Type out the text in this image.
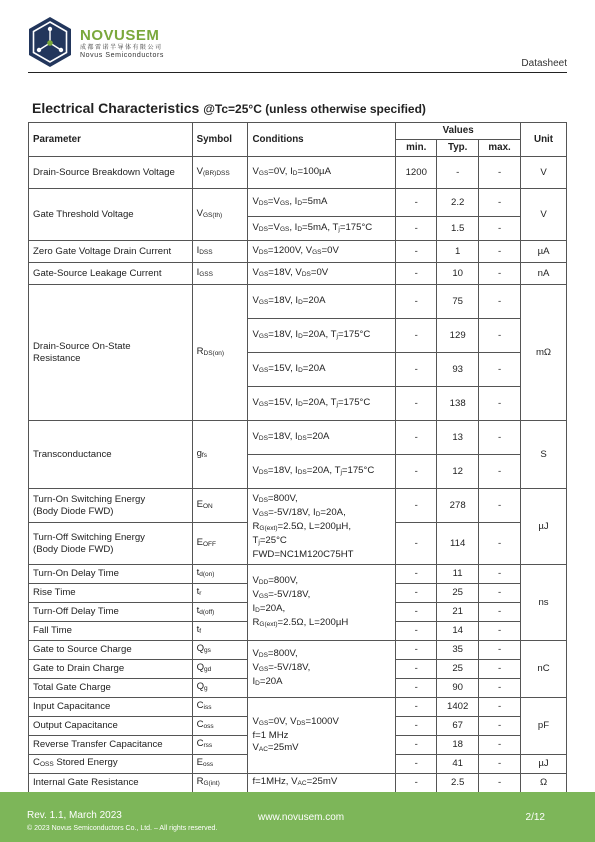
NOVUSEM
成都雷诺半导体有限公司
Novus Semiconductors
Datasheet
Electrical Characteristics @Tc=25°C (unless otherwise specified)
Parameter	Symbol	Conditions	Values			Unit
			min.	Typ.	max.	
Drain-Source Breakdown Voltage	$V_{(BR)DSS}$	$V_{GS}=0V$, $I_D=100\mu A$	1200	-	-	V
Gate Threshold Voltage	$V_{GS(th)}$	$V_{DS}=V_{GS}$, $I_D=5mA$	-	2.2	-	V
		$V_{DS}=V_{GS}$, $I_D=5mA$, $T_j=175^\circ C$	-	1.5	-	
Zero Gate Voltage Drain Current	$I_{DSS}$	$V_{DS}=1200V$, $V_{GS}=0V$	-	1	-	µA
Gate-Source Leakage Current	$I_{GSS}$	$V_{GS}=18V$, $V_{DS}=0V$	-	10	-	nA
Drain-Source On-State
Resistance	$R_{DS(on)}$	$V_{GS}=18V$, $I_D=20A$	-	75	-	mΩ
		$V_{GS}=18V$, $I_D=20A$, $T_j=175^\circ C$	-	129	-	
		$V_{GS}=15V$, $I_D=20A$	-	93	-	
		$V_{GS}=15V$, $I_D=20A$, $T_j=175^\circ C$	-	138	-	
Transconductance	$g_{fs}$	$V_{DS}=18V$, $I_{DS}=20A$	-	13	-	S
		$V_{DS}=18V$, $I_{DS}=20A$, $T_j=175^\circ C$	-	12	-	
Turn-On Switching Energy
(Body Diode FWD)	$E_{ON}$	$V_{DS}=800V$,
$V_{GS}=-5V/18V$, $I_D=20A$,
$R_{G(ext)}=2.5\Omega$, L=200µH,
$T_j=25^\circ C$
FWD=NC1M120C75HT	-	278	-	µJ
Turn-Off Switching Energy
(Body Diode FWD)	$E_{OFF}$		-	114	-	
Turn-On Delay Time	$t_{d(on)}$	$V_{DD}=800V$,
$V_{GS}=-5V/18V$,
$I_D=20A$,
$R_{G(ext)}=2.5\Omega$, L=200µH	-	11	-	ns
Rise Time	$t_r$		-	25	-	
Turn-Off Delay Time	$t_{d(off)}$		-	21	-	
Fall Time	$t_f$		-	14	-	
Gate to Source Charge	$Q_{gs}$	$V_{DS}=800V$,
$V_{GS}=-5V/18V$,
$I_D=20A$	-	35	-	nC
Gate to Drain Charge	$Q_{gd}$		-	25	-	
Total Gate Charge	$Q_g$		-	90	-	
Input Capacitance	$C_{iss}$	$V_{GS}=0V$, $V_{DS}=1000V$
f=1 MHz
$V_{AC}=25mV$	-	1402	-	pF
Output Capacitance	$C_{oss}$		-	67	-	
Reverse Transfer Capacitance	$C_{rss}$		-	18	-	
$C_{OSS}$ Stored Energy	$E_{oss}$		-	41	-	µJ
Internal Gate Resistance	$R_{G(int)}$	f=1MHz, $V_{AC}=25mV$	-	2.5	-	Ω
Rev. 1.1, March 2023	www.novusem.com	2/12
© 2023 Novus Semiconductors Co., Ltd. – All rights reserved.
